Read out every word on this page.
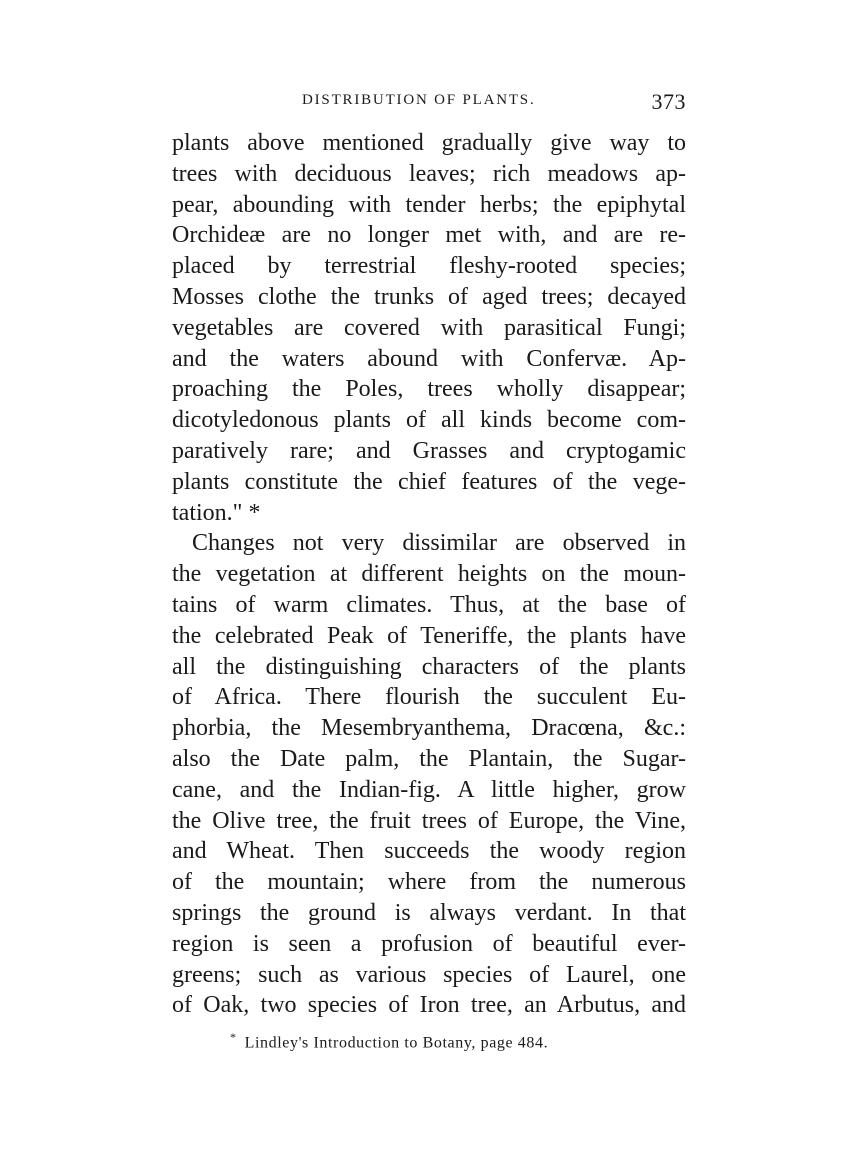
DISTRIBUTION OF PLANTS.	373
plants above mentioned gradually give way to
trees with deciduous leaves; rich meadows ap-
pear, abounding with tender herbs; the epiphytal
Orchideæ are no longer met with, and are re-
placed by terrestrial fleshy-rooted species;
Mosses clothe the trunks of aged trees; decayed
vegetables are covered with parasitical Fungi;
and the waters abound with Confervæ. Ap-
proaching the Poles, trees wholly disappear;
dicotyledonous plants of all kinds become com-
paratively rare; and Grasses and cryptogamic
plants constitute the chief features of the vege-
tation." *
Changes not very dissimilar are observed in
the vegetation at different heights on the moun-
tains of warm climates. Thus, at the base of
the celebrated Peak of Teneriffe, the plants have
all the distinguishing characters of the plants
of Africa. There flourish the succulent Eu-
phorbia, the Mesembryanthema, Dracœna, &c.:
also the Date palm, the Plantain, the Sugar-
cane, and the Indian-fig. A little higher, grow
the Olive tree, the fruit trees of Europe, the Vine,
and Wheat. Then succeeds the woody region
of the mountain; where from the numerous
springs the ground is always verdant. In that
region is seen a profusion of beautiful ever-
greens; such as various species of Laurel, one
of Oak, two species of Iron tree, an Arbutus, and
* Lindley's Introduction to Botany, page 484.
